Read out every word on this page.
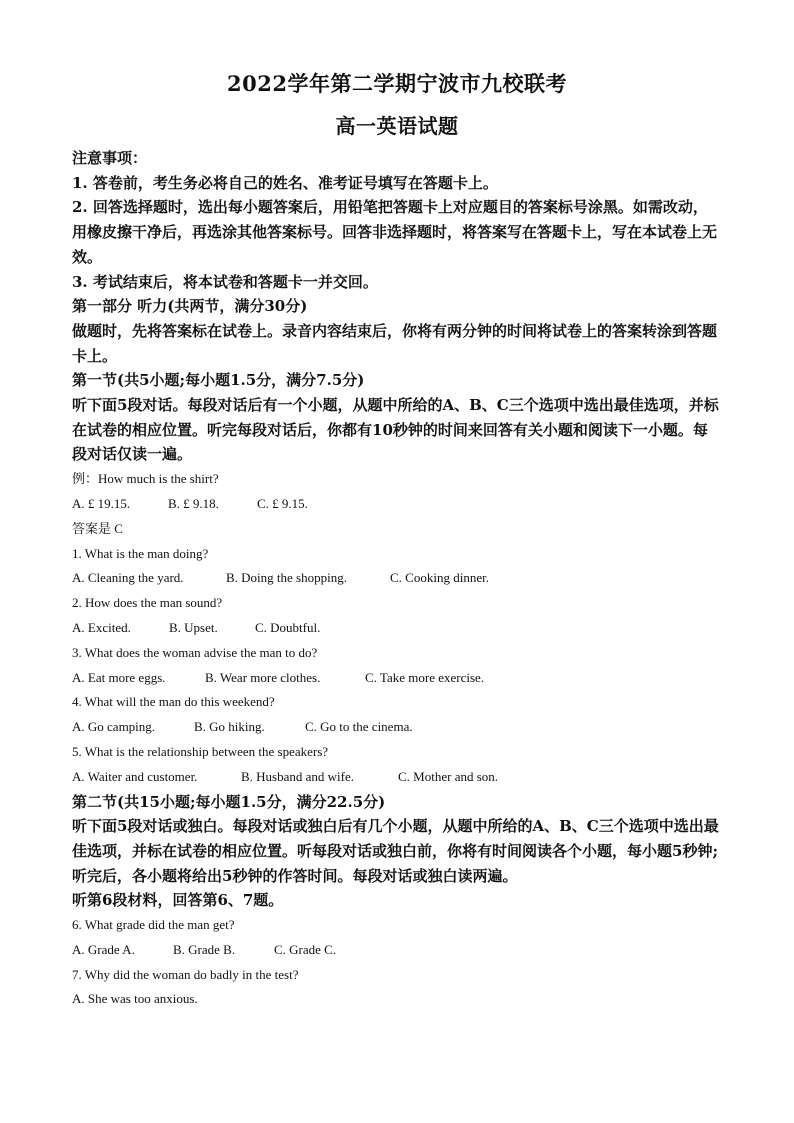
2022学年第二学期宁波市九校联考
高一英语试题

注意事项：

1. 答卷前，考生务必将自己的姓名、准考证号填写在答题卡上。

2. 回答选择题时，选出每小题答案后，用铅笔把答题卡上对应题目的答案标号涂黑。如需改动，用橡皮擦干净后，再选涂其他答案标号。回答非选择题时，将答案写在答题卡上，写在本试卷上无效。

3. 考试结束后，将本试卷和答题卡一并交回。

第一部分 听力(共两节，满分30分)

做题时，先将答案标在试卷上。录音内容结束后，你将有两分钟的时间将试卷上的答案转涂到答题卡上。

第一节(共5小题;每小题1.5分，满分7.5分)

听下面5段对话。每段对话后有一个小题，从题中所给的A、B、C三个选项中选出最佳选项，并标在试卷的相应位置。听完每段对话后，你都有10秒钟的时间来回答有关小题和阅读下一小题。每段对话仅读一遍。

例：How much is the shirt?

A. £ 19.15.	B. £ 9.18.	C. £ 9.15.

答案是 C

1. What is the man doing?

A. Cleaning the yard.	B. Doing the shopping.	C. Cooking dinner.

2. How does the man sound?

A. Excited.	B. Upset.	C. Doubtful.

3. What does the woman advise the man to do?

A. Eat more eggs.	B. Wear more clothes.	C. Take more exercise.

4. What will the man do this weekend?

A. Go camping.	B. Go hiking.	C. Go to the cinema.

5. What is the relationship between the speakers?

A. Waiter and customer.	B. Husband and wife.	C. Mother and son.

第二节(共15小题;每小题1.5分，满分22.5分)

听下面5段对话或独白。每段对话或独白后有几个小题，从题中所给的A、B、C三个选项中选出最佳选项，并标在试卷的相应位置。听每段对话或独白前，你将有时间阅读各个小题，每小题5秒钟;听完后，各小题将给出5秒钟的作答时间。每段对话或独白读两遍。

听第6段材料，回答第6、7题。

6. What grade did the man get?

A. Grade A.	B. Grade B.	C. Grade C.

7. Why did the woman do badly in the test?

A. She was too anxious.
